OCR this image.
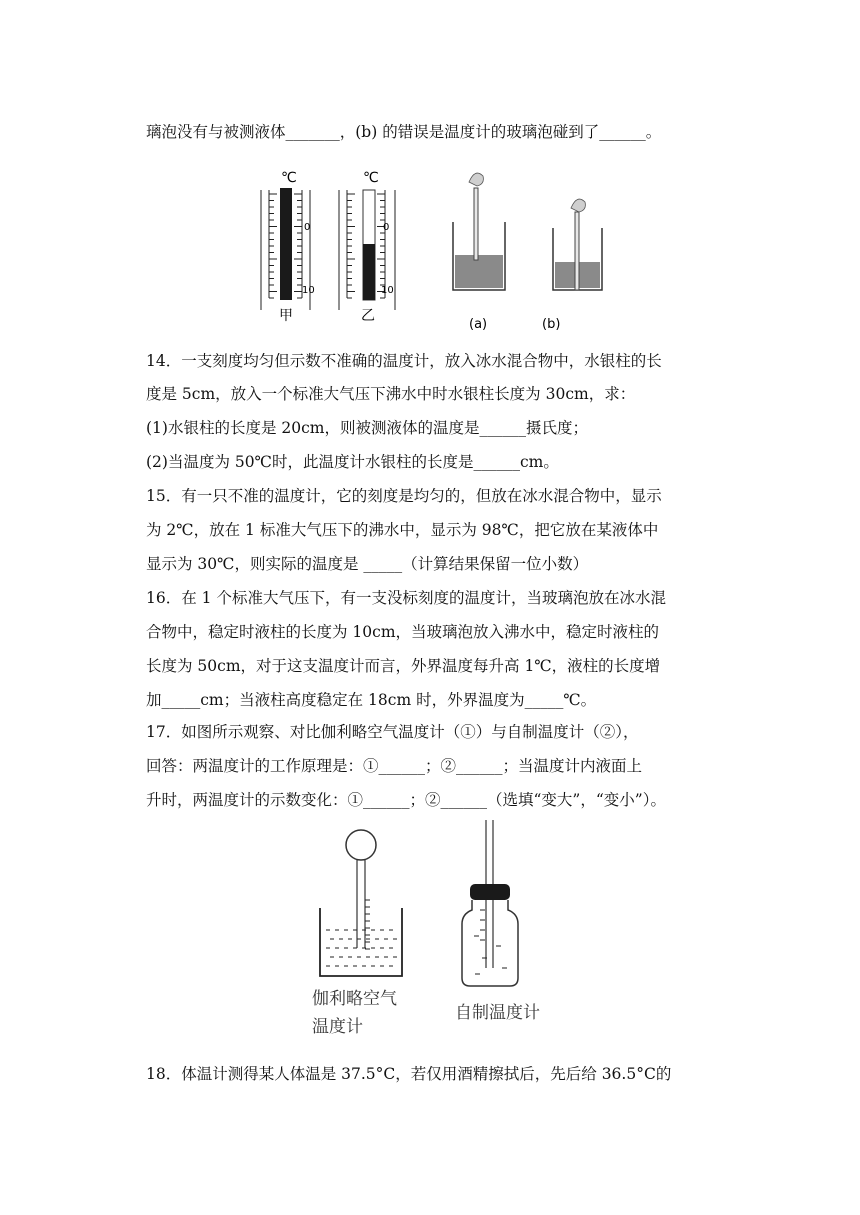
璃泡没有与被测液体_______，(b) 的错误是温度计的玻璃泡碰到了______。
℃
0
10
甲
℃
0
10
乙
(a)	(b)
14．一支刻度均匀但示数不准确的温度计，放入冰水混合物中，水银柱的长
度是 5cm，放入一个标准大气压下沸水中时水银柱长度为 30cm，求：
(1)水银柱的长度是 20cm，则被测液体的温度是______摄氏度；
(2)当温度为 50℃时，此温度计水银柱的长度是______cm。
15．有一只不准的温度计，它的刻度是均匀的，但放在冰水混合物中，显示
为 2℃，放在 1 标准大气压下的沸水中，显示为 98℃，把它放在某液体中
显示为 30℃，则实际的温度是 _____（计算结果保留一位小数）
16．在 1 个标准大气压下，有一支没标刻度的温度计，当玻璃泡放在冰水混
合物中，稳定时液柱的长度为 10cm，当玻璃泡放入沸水中，稳定时液柱的
长度为 50cm，对于这支温度计而言，外界温度每升高 1℃，液柱的长度增
加_____cm；当液柱高度稳定在 18cm 时，外界温度为_____℃。
17．如图所示观察、对比伽利略空气温度计（①）与自制温度计（②），
回答：两温度计的工作原理是：①______；②______；当温度计内液面上
升时，两温度计的示数变化：①______；②______（选填“变大”，“变小”）。
伽利略空气
温度计
自制温度计
18．体温计测得某人体温是 37.5°C，若仅用酒精擦拭后，先后给 36.5°C的
